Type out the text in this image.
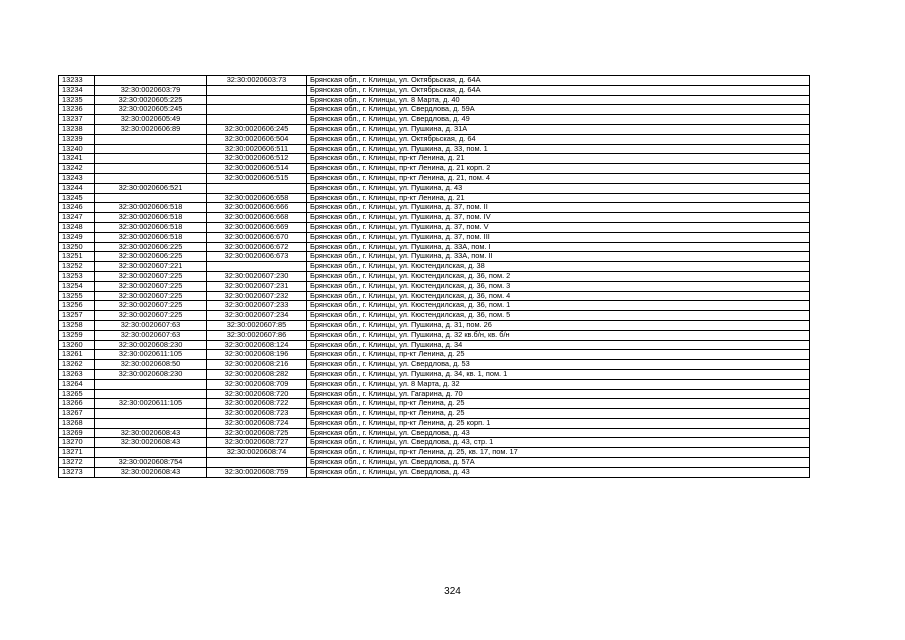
13233		32:30:0020603:73	Брянская обл., г. Клинцы, ул. Октябрьская, д. 64А
13234	32:30:0020603:79		Брянская обл., г. Клинцы, ул. Октябрьская, д. 64А
13235	32:30:0020605:225		Брянская обл., г. Клинцы, ул. 8 Марта, д. 40
13236	32:30:0020605:245		Брянская обл., г. Клинцы, ул. Свердлова, д. 59А
13237	32:30:0020605:49		Брянская обл., г. Клинцы, ул. Свердлова, д. 49
13238	32:30:0020606:89	32:30:0020606:245	Брянская обл., г. Клинцы, ул. Пушкина, д. 31А
13239		32:30:0020606:504	Брянская обл., г. Клинцы, ул. Октябрьская, д. 64
13240		32:30:0020606:511	Брянская обл., г. Клинцы, ул. Пушкина, д. 33, пом. 1
13241		32:30:0020606:512	Брянская обл., г. Клинцы, пр-кт Ленина, д. 21
13242		32:30:0020606:514	Брянская обл., г. Клинцы, пр-кт Ленина, д. 21 корп. 2
13243		32:30:0020606:515	Брянская обл., г. Клинцы, пр-кт Ленина, д. 21, пом. 4
13244	32:30:0020606:521		Брянская обл., г. Клинцы, ул. Пушкина, д. 43
13245		32:30:0020606:658	Брянская обл., г. Клинцы, пр-кт Ленина, д. 21
13246	32:30:0020606:518	32:30:0020606:666	Брянская обл., г. Клинцы, ул. Пушкина, д. 37, пом. II
13247	32:30:0020606:518	32:30:0020606:668	Брянская обл., г. Клинцы, ул. Пушкина, д. 37, пом. IV
13248	32:30:0020606:518	32:30:0020606:669	Брянская обл., г. Клинцы, ул. Пушкина, д. 37, пом. V
13249	32:30:0020606:518	32:30:0020606:670	Брянская обл., г. Клинцы, ул. Пушкина, д. 37, пом. III
13250	32:30:0020606:225	32:30:0020606:672	Брянская обл., г. Клинцы, ул. Пушкина, д. 33А, пом. I
13251	32:30:0020606:225	32:30:0020606:673	Брянская обл., г. Клинцы, ул. Пушкина, д. 33А, пом. II
13252	32:30:0020607:221		Брянская обл., г. Клинцы, ул. Кюстендилская, д. 38
13253	32:30:0020607:225	32:30:0020607:230	Брянская обл., г. Клинцы, ул. Кюстендилская, д. 36, пом. 2
13254	32:30:0020607:225	32:30:0020607:231	Брянская обл., г. Клинцы, ул. Кюстендилская, д. 36, пом. 3
13255	32:30:0020607:225	32:30:0020607:232	Брянская обл., г. Клинцы, ул. Кюстендилская, д. 36, пом. 4
13256	32:30:0020607:225	32:30:0020607:233	Брянская обл., г. Клинцы, ул. Кюстендилская, д. 36, пом. 1
13257	32:30:0020607:225	32:30:0020607:234	Брянская обл., г. Клинцы, ул. Кюстендилская, д. 36, пом. 5
13258	32:30:0020607:63	32:30:0020607:85	Брянская обл., г. Клинцы, ул. Пушкина, д. 31, пом. 26
13259	32:30:0020607:63	32:30:0020607:86	Брянская обл., г. Клинцы, ул. Пушкина, д. 32 кв.б/н, кв. б/н
13260	32:30:0020608:230	32:30:0020608:124	Брянская обл., г. Клинцы, ул. Пушкина, д. 34
13261	32:30:0020611:105	32:30:0020608:196	Брянская обл., г. Клинцы, пр-кт Ленина, д. 25
13262	32:30:0020608:50	32:30:0020608:216	Брянская обл., г. Клинцы, ул. Свердлова, д. 53
13263	32:30:0020608:230	32:30:0020608:282	Брянская обл., г. Клинцы, ул. Пушкина, д. 34, кв. 1, пом. 1
13264		32:30:0020608:709	Брянская обл., г. Клинцы, ул. 8 Марта, д. 32
13265		32:30:0020608:720	Брянская обл., г. Клинцы, ул. Гагарина, д. 70
13266	32:30:0020611:105	32:30:0020608:722	Брянская обл., г. Клинцы, пр-кт Ленина, д. 25
13267		32:30:0020608:723	Брянская обл., г. Клинцы, пр-кт Ленина, д. 25
13268		32:30:0020608:724	Брянская обл., г. Клинцы, пр-кт Ленина, д. 25 корп. 1
13269	32:30:0020608:43	32:30:0020608:725	Брянская обл., г. Клинцы, ул. Свердлова, д. 43
13270	32:30:0020608:43	32:30:0020608:727	Брянская обл., г. Клинцы, ул. Свердлова, д. 43, стр. 1
13271		32:30:0020608:74	Брянская обл., г. Клинцы, пр-кт Ленина, д. 25, кв. 17, пом. 17
13272	32:30:0020608:754		Брянская обл., г. Клинцы, ул. Свердлова, д. 57А
13273	32:30:0020608:43	32:30:0020608:759	Брянская обл., г. Клинцы, ул. Свердлова, д. 43
324
